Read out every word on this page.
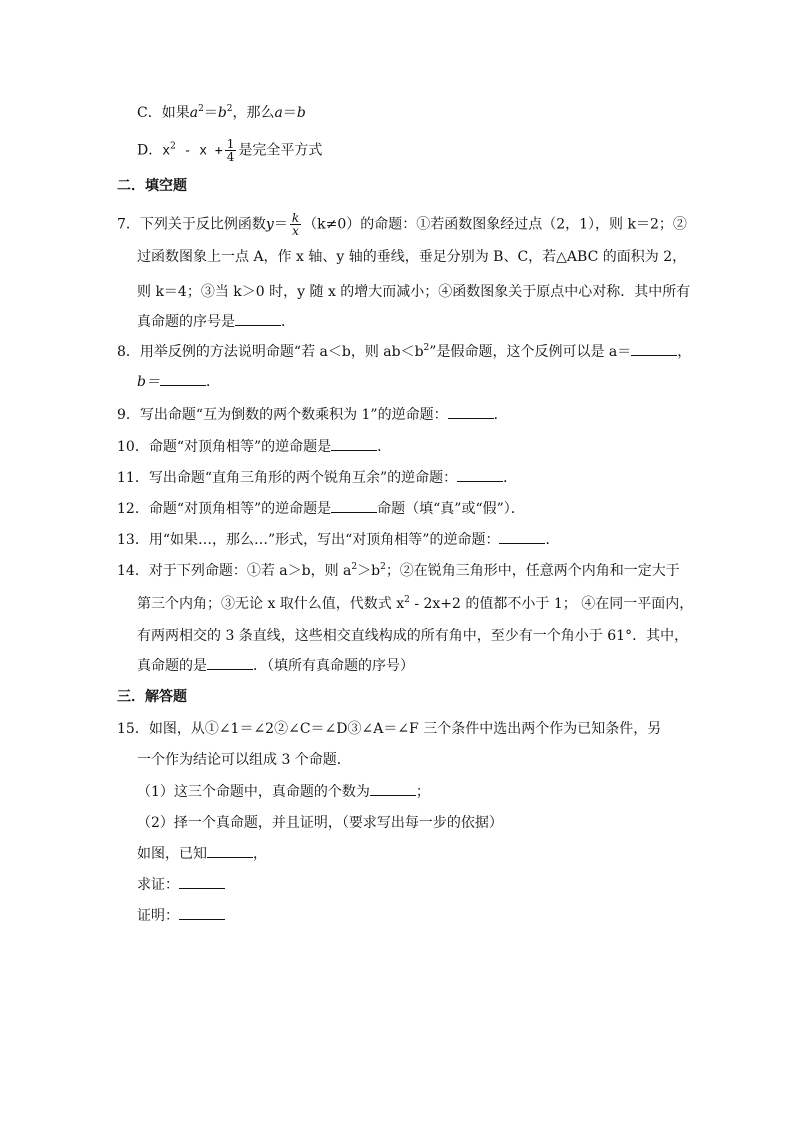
C．如果$a^2=b^2$，那么a＝b
D．$x^2 - x + \frac{1}{4}$ 是完全平方式
二．填空题
7．下列关于反比例函数$y= \frac{k}{x} (k\ne 0)$的命题：①若函数图象经过点（2，1），则 k＝2；②
过函数图象上一点 A，作 x 轴、y 轴的垂线，垂足分别为 B、C，若△ABC 的面积为 2，
则 k＝4；③当 k＞0 时，y 随 x 的增大而减小；④函数图象关于原点中心对称．其中所有
真命题的序号是	．
8．用举反例的方法说明命题“若 a＜b，则 $ab<b^2$”是假命题，这个反例可以是 a＝	，
b＝	．
9．写出命题“互为倒数的两个数乘积为 1”的逆命题：	．
10．命题“对顶角相等”的逆命题是	．
11．写出命题“直角三角形的两个锐角互余”的逆命题：	．
12．命题“对顶角相等”的逆命题是	命题（填“真”或“假”）．
13．用“如果…，那么…”形式，写出“对顶角相等”的逆命题：	．
14．对于下列命题：①若 a＞b，则 $a^2>b^2$；②在锐角三角形中，任意两个内角和一定大于
第三个内角；③无论 x 取什么值，代数式 $x^2 - 2x+2$ 的值都不小于 1； ④在同一平面内，
有两两相交的 3 条直线，这些相交直线构成的所有角中，至少有一个角小于 61°．其中，
真命题的是	．（填所有真命题的序号）
三．解答题
15．如图，从①∠1＝∠2②∠C＝∠D③∠A＝∠F 三个条件中选出两个作为已知条件，另
一个作为结论可以组成 3 个命题．
（1）这三个命题中，真命题的个数为	；
（2）择一个真命题，并且证明，（要求写出每一步的依据）
如图，已知	，
求证：
证明：
